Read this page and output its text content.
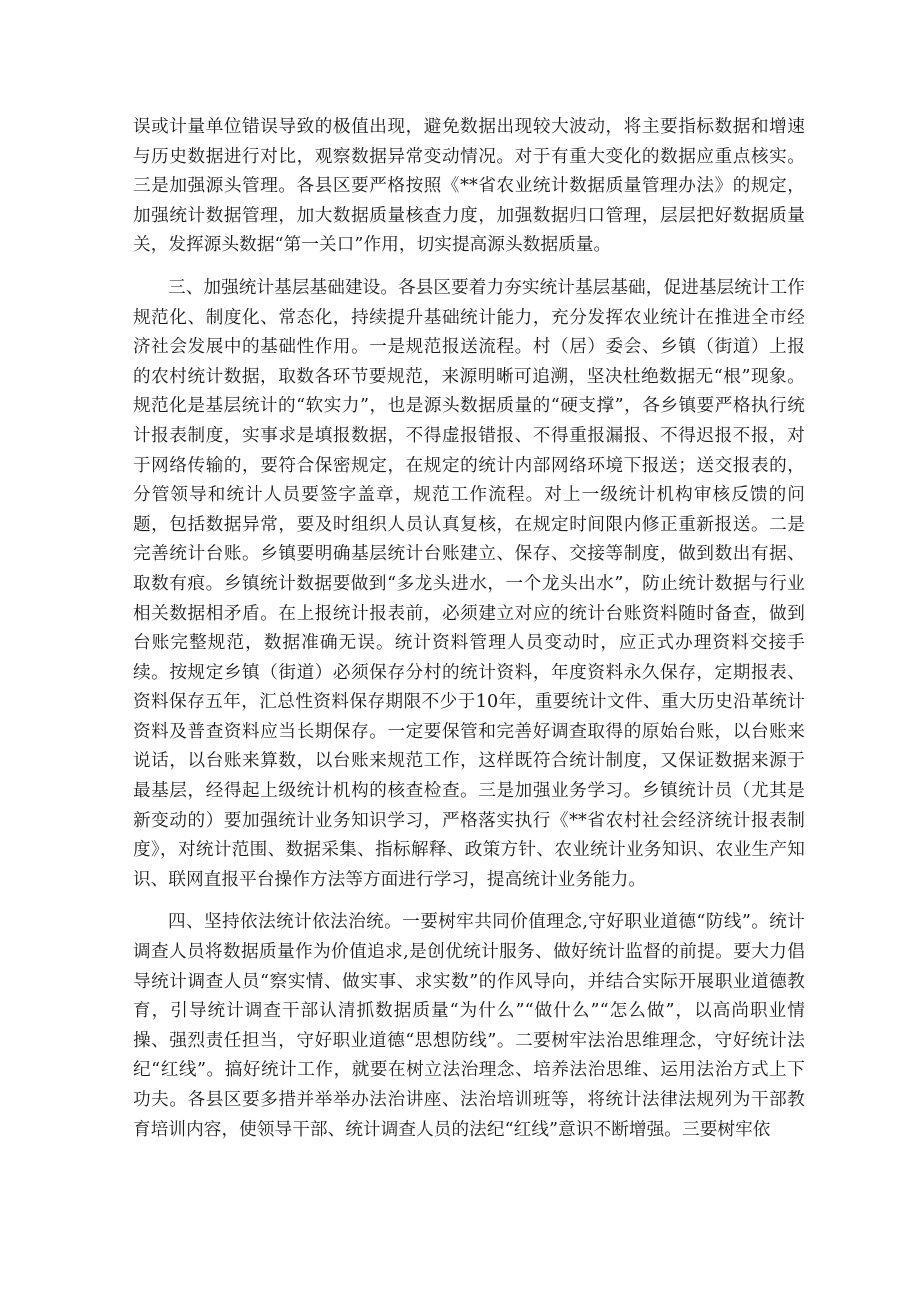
误或计量单位错误导致的极值出现，避免数据出现较大波动，将主要指标数据和增速与历史数据进行对比，观察数据异常变动情况。对于有重大变化的数据应重点核实。三是加强源头管理。各县区要严格按照《**省农业统计数据质量管理办法》的规定，加强统计数据管理，加大数据质量核查力度，加强数据归口管理，层层把好数据质量关，发挥源头数据“第一关口”作用，切实提高源头数据质量。

三、加强统计基层基础建设。各县区要着力夯实统计基层基础，促进基层统计工作规范化、制度化、常态化，持续提升基础统计能力，充分发挥农业统计在推进全市经济社会发展中的基础性作用。一是规范报送流程。村（居）委会、乡镇（街道）上报的农村统计数据，取数各环节要规范，来源明晰可追溯，坚决杜绝数据无“根”现象。规范化是基层统计的“软实力”，也是源头数据质量的“硬支撑”，各乡镇要严格执行统计报表制度，实事求是填报数据，不得虚报错报、不得重报漏报、不得迟报不报，对于网络传输的，要符合保密规定，在规定的统计内部网络环境下报送；送交报表的，分管领导和统计人员要签字盖章，规范工作流程。对上一级统计机构审核反馈的问题，包括数据异常，要及时组织人员认真复核，在规定时间限内修正重新报送。二是完善统计台账。乡镇要明确基层统计台账建立、保存、交接等制度，做到数出有据、取数有痕。乡镇统计数据要做到“多龙头进水，一个龙头出水”，防止统计数据与行业相关数据相矛盾。在上报统计报表前，必须建立对应的统计台账资料随时备查，做到台账完整规范，数据准确无误。统计资料管理人员变动时，应正式办理资料交接手续。按规定乡镇（街道）必须保存分村的统计资料，年度资料永久保存，定期报表、资料保存五年，汇总性资料保存期限不少于10年，重要统计文件、重大历史沿革统计资料及普查资料应当长期保存。一定要保管和完善好调查取得的原始台账，以台账来说话，以台账来算数，以台账来规范工作，这样既符合统计制度，又保证数据来源于最基层，经得起上级统计机构的核查检查。三是加强业务学习。乡镇统计员（尤其是新变动的）要加强统计业务知识学习，严格落实执行《**省农村社会经济统计报表制度》，对统计范围、数据采集、指标解释、政策方针、农业统计业务知识、农业生产知识、联网直报平台操作方法等方面进行学习，提高统计业务能力。

四、坚持依法统计依法治统。一要树牢共同价值理念,守好职业道德“防线”。统计调查人员将数据质量作为价值追求,是创优统计服务、做好统计监督的前提。要大力倡导统计调查人员“察实情、做实事、求实数”的作风导向，并结合实际开展职业道德教育，引导统计调查干部认清抓数据质量“为什么”“做什么”“怎么做”，以高尚职业情操、强烈责任担当，守好职业道德“思想防线”。二要树牢法治思维理念，守好统计法纪“红线”。搞好统计工作，就要在树立法治理念、培养法治思维、运用法治方式上下功夫。各县区要多措并举举办法治讲座、法治培训班等，将统计法律法规列为干部教育培训内容，使领导干部、统计调查人员的法纪“红线”意识不断增强。三要树牢依
